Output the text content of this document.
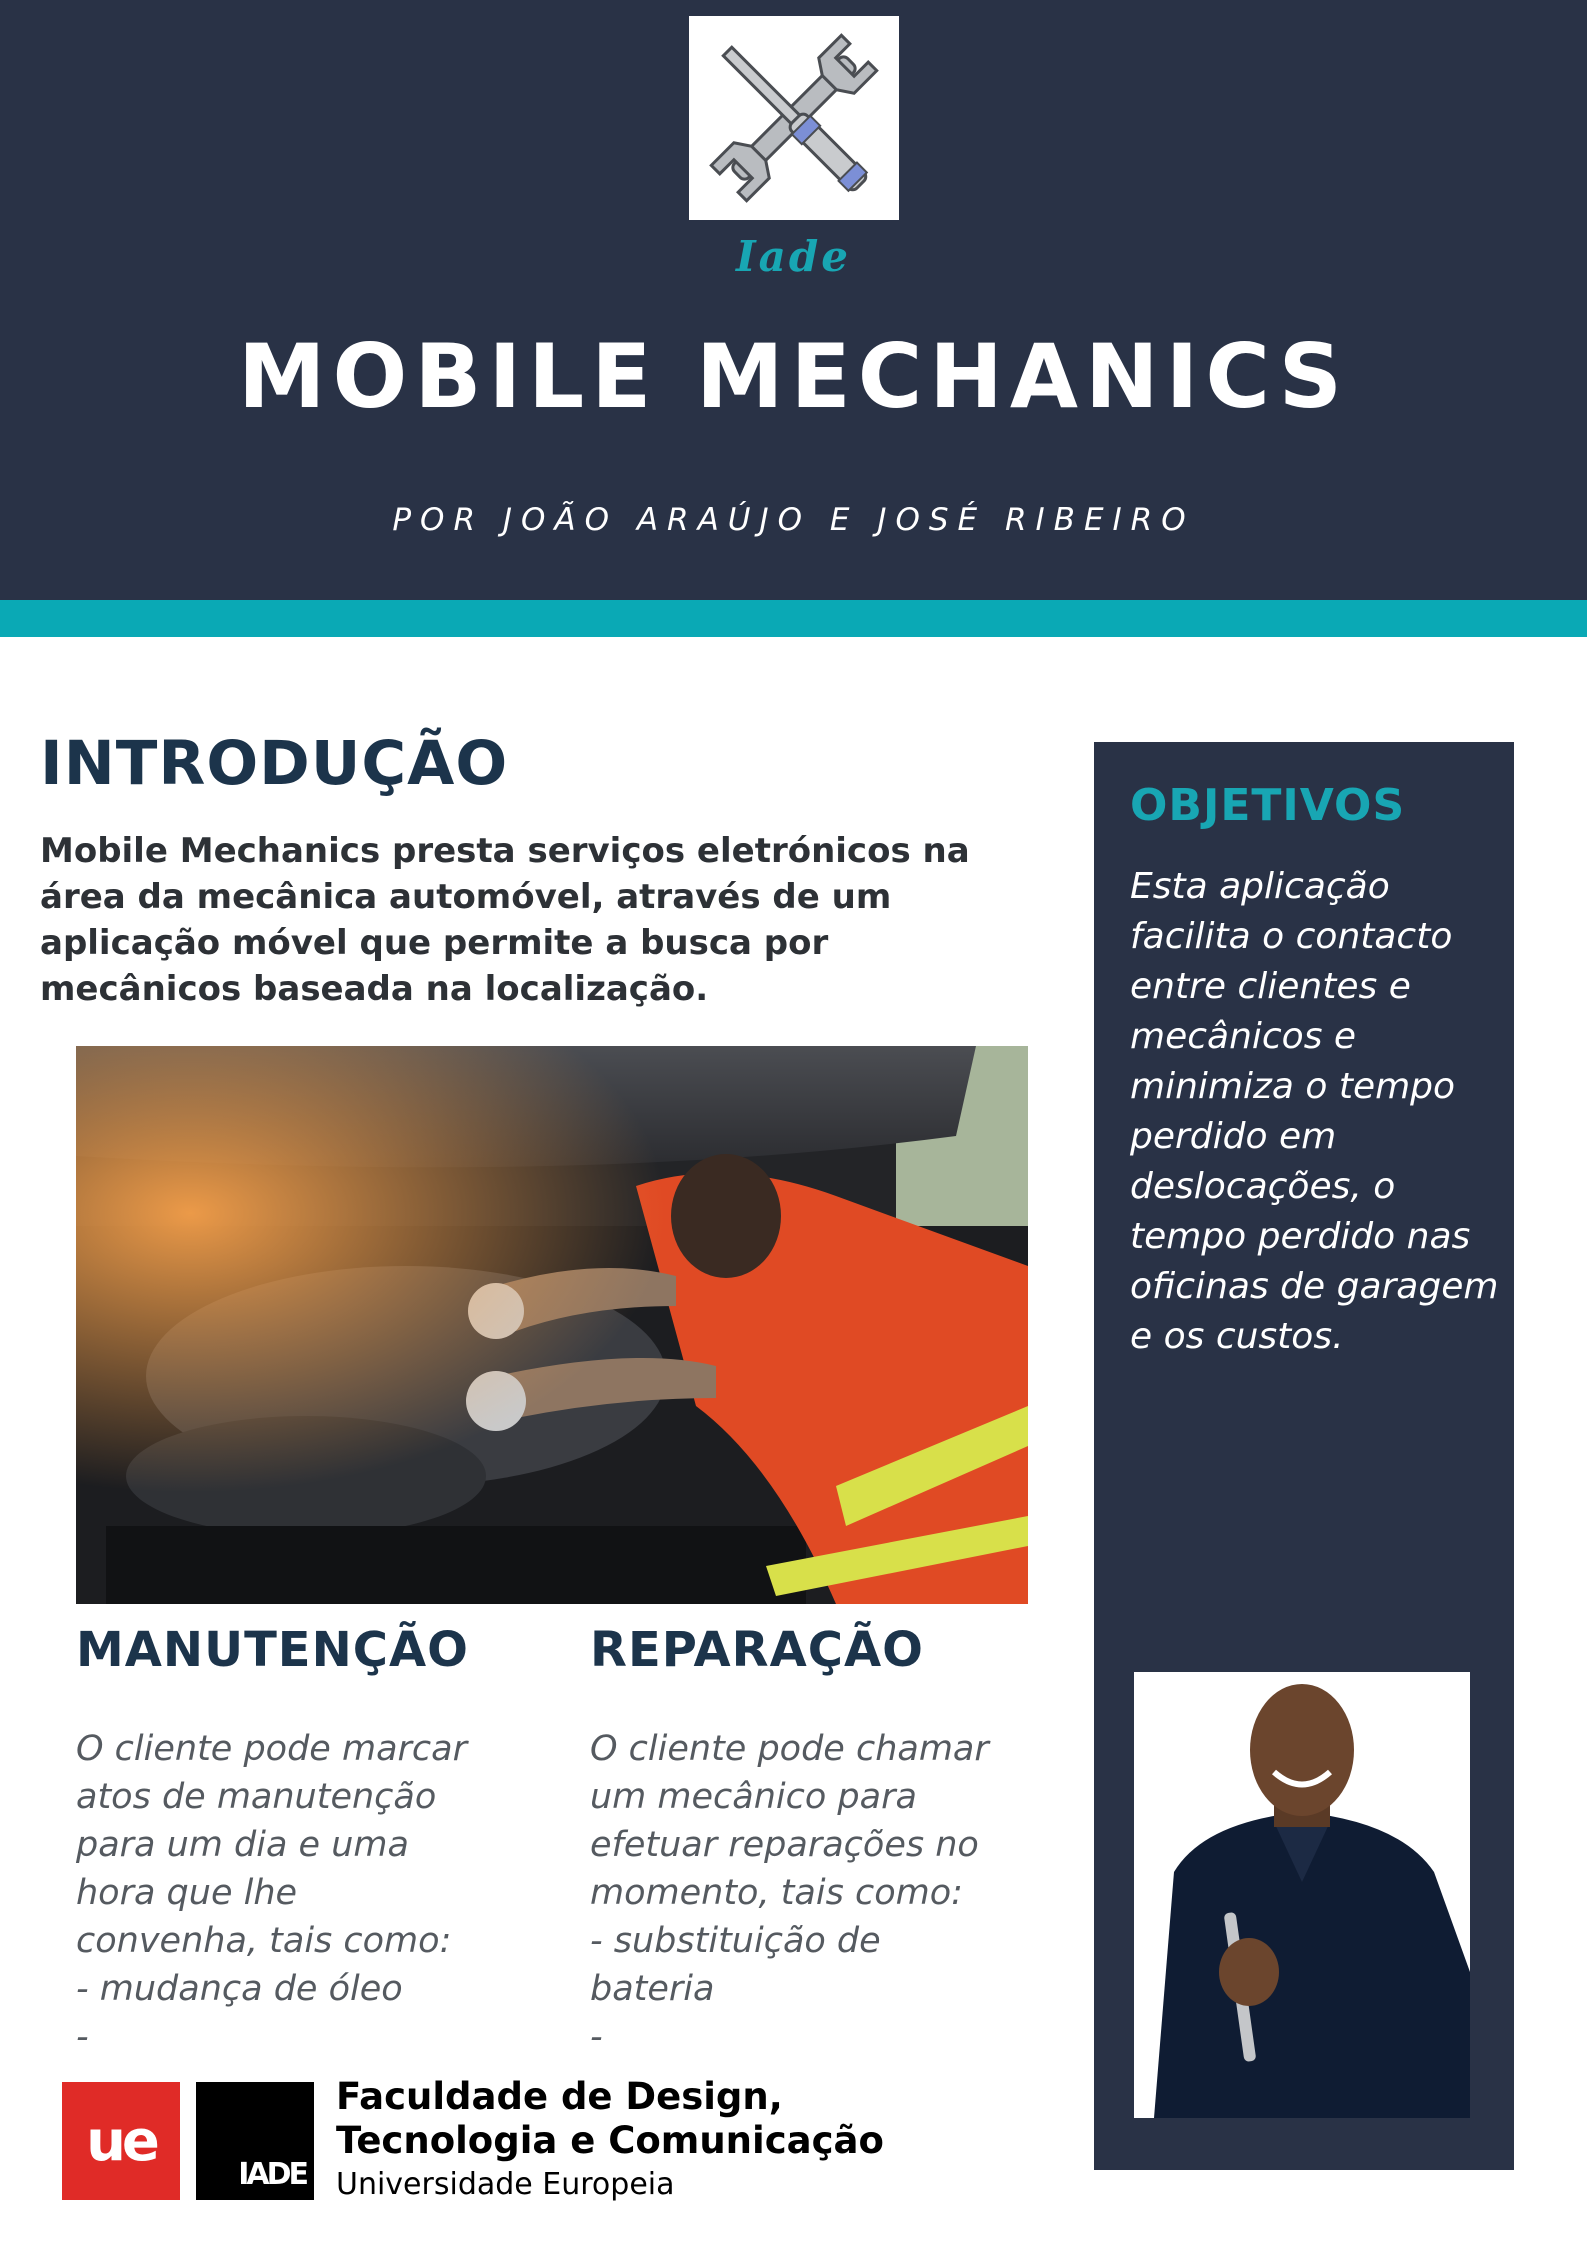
Iade
MOBILE MECHANICS
POR JOÃO ARAÚJO E JOSÉ RIBEIRO
INTRODUÇÃO

Mobile Mechanics presta serviços eletrónicos na área da mecânica automóvel, através de um aplicação móvel que permite a busca por mecânicos baseada na localização.

MANUTENÇÃO

O cliente pode marcar
atos de manutenção
para um dia e uma
hora que lhe
convenha, tais como:
- mudança de óleo
-

REPARAÇÃO

O cliente pode chamar
um mecânico para
efetuar reparações no
momento, tais como:
- substituição de
bateria
-

OBJETIVOS

Esta aplicação facilita o contacto entre clientes e mecânicos e minimiza o tempo perdido em deslocações, o tempo perdido nas oficinas de garagem e os custos.

ue
IADE
Faculdade de Design,
Tecnologia e Comunicação
Universidade Europeia
